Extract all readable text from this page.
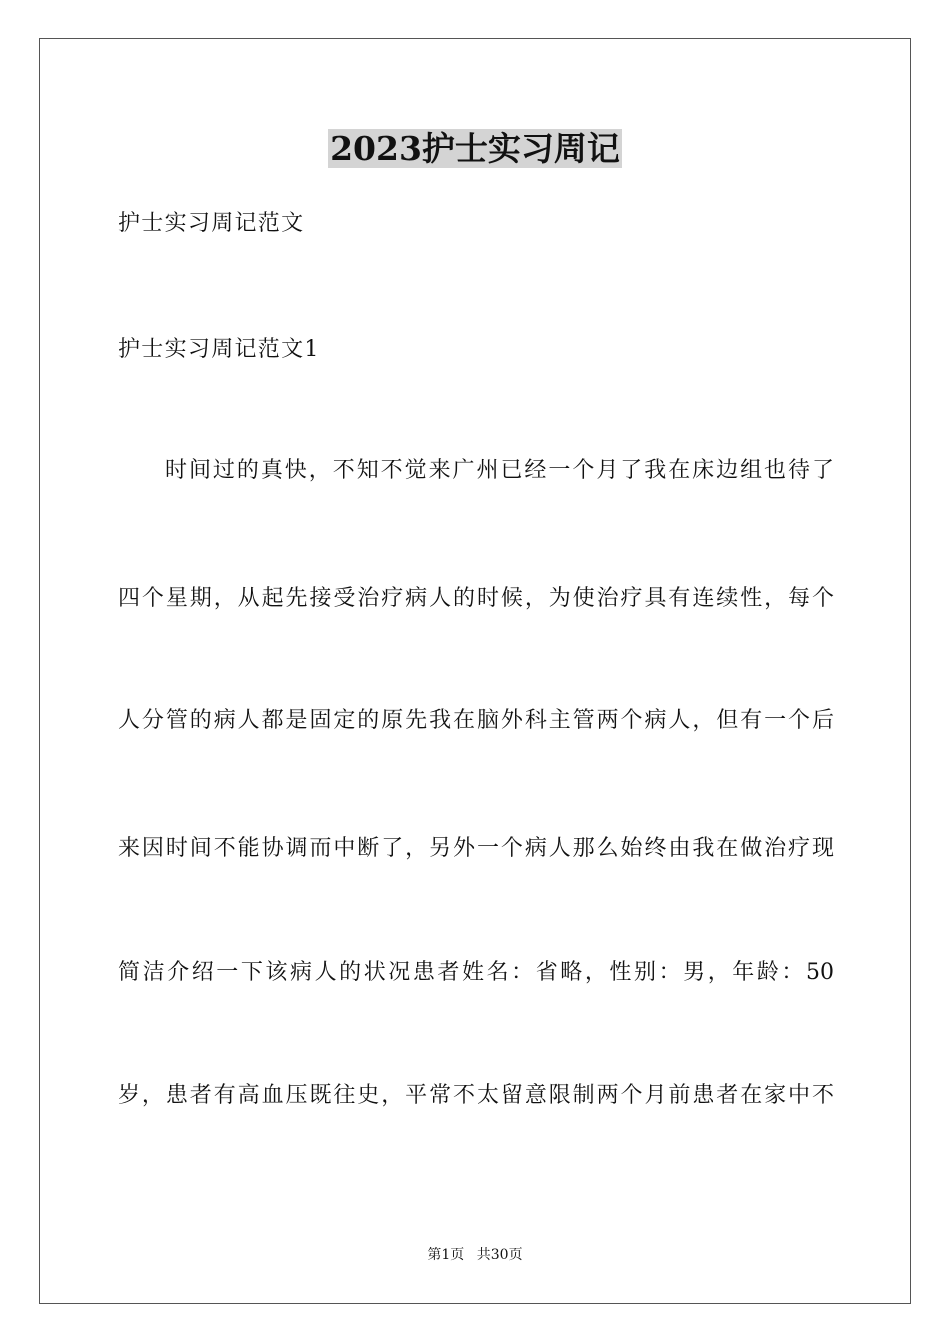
2023护士实习周记

护士实习周记范文

护士实习周记范文1

时间过的真快，不知不觉来广州已经一个月了我在床边组也待了

四个星期，从起先接受治疗病人的时候，为使治疗具有连续性，每个

人分管的病人都是固定的原先我在脑外科主管两个病人，但有一个后

来因时间不能协调而中断了，另外一个病人那么始终由我在做治疗现

简洁介绍一下该病人的状况患者姓名：省略，性别：男，年龄：50

岁，患者有高血压既往史，平常不太留意限制两个月前患者在家中不

第1页 共30页
